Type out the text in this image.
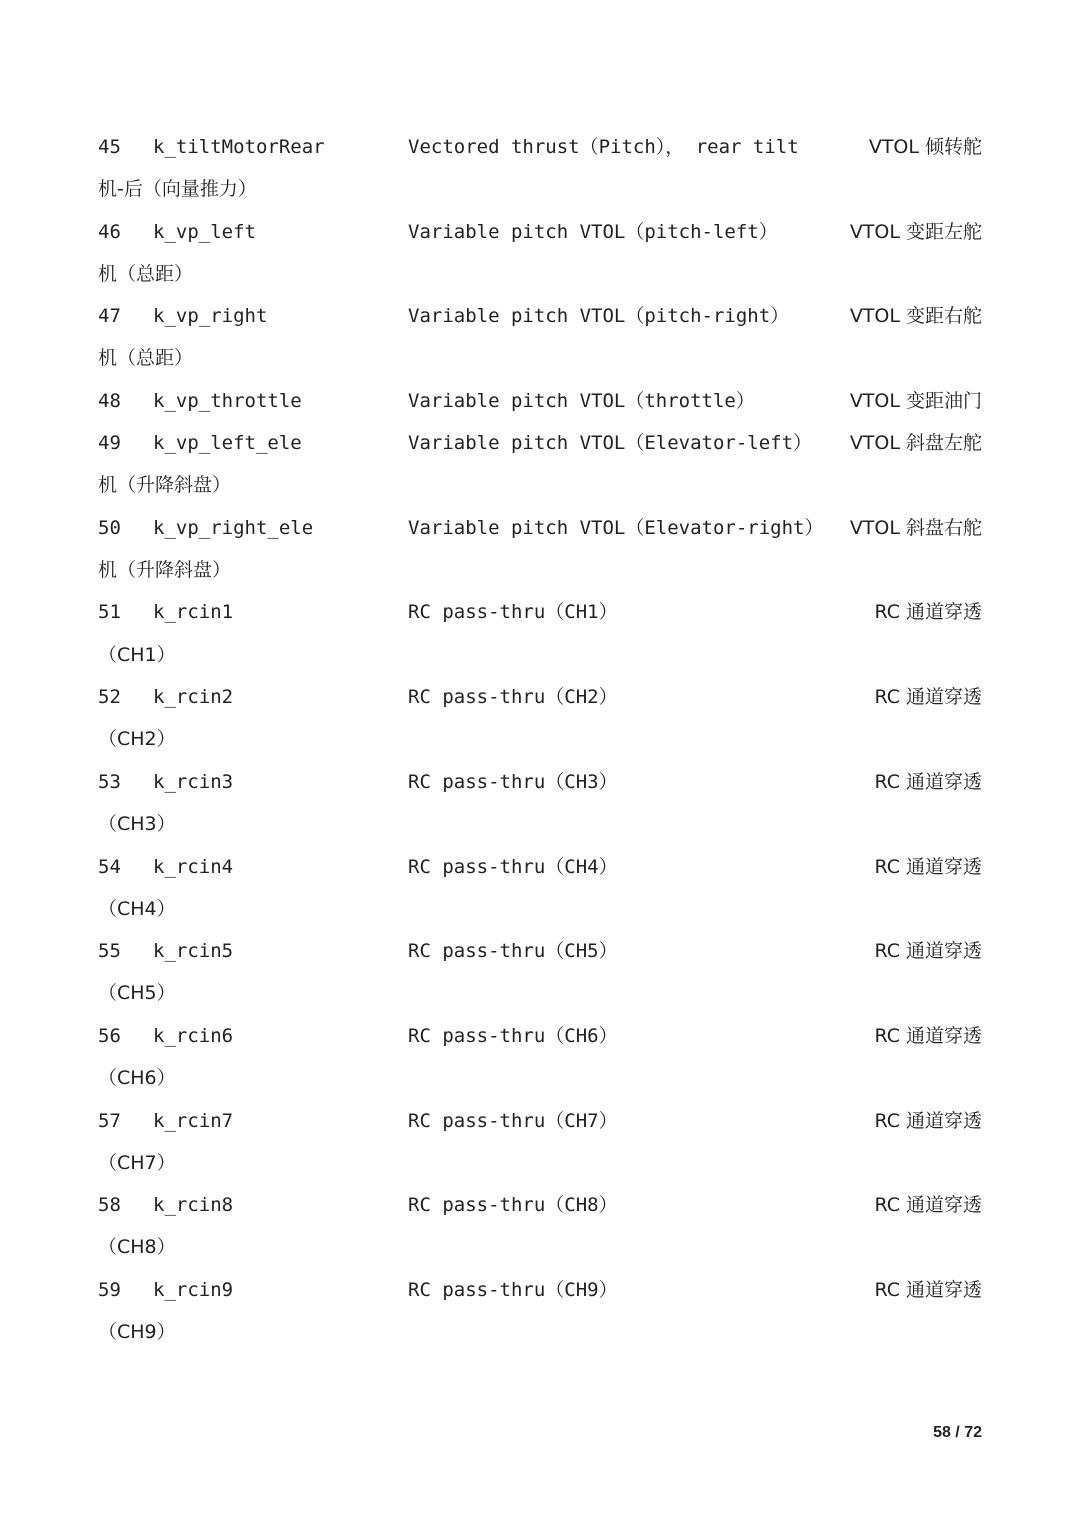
45 k_tiltMotorRear	Vectored thrust（Pitch）， rear tilt	VTOL 倾转舵
机-后（向量推力）
46 k_vp_left	Variable pitch VTOL（pitch-left）	VTOL 变距左舵
机（总距）
47 k_vp_right	Variable pitch VTOL（pitch-right）	VTOL 变距右舵
机（总距）
48 k_vp_throttle	Variable pitch VTOL（throttle）	VTOL 变距油门
49 k_vp_left_ele	Variable pitch VTOL（Elevator-left） VTOL 斜盘左舵
机（升降斜盘）
50 k_vp_right_ele	Variable pitch VTOL（Elevator-right） VTOL 斜盘右舵
机（升降斜盘）
51 k_rcin1	RC pass-thru（CH1）	RC 通道穿透
（CH1）
52 k_rcin2	RC pass-thru（CH2）	RC 通道穿透
（CH2）
53 k_rcin3	RC pass-thru（CH3）	RC 通道穿透
（CH3）
54 k_rcin4	RC pass-thru（CH4）	RC 通道穿透
（CH4）
55 k_rcin5	RC pass-thru（CH5）	RC 通道穿透
（CH5）
56 k_rcin6	RC pass-thru（CH6）	RC 通道穿透
（CH6）
57 k_rcin7	RC pass-thru（CH7）	RC 通道穿透
（CH7）
58 k_rcin8	RC pass-thru（CH8）	RC 通道穿透
（CH8）
59 k_rcin9	RC pass-thru（CH9）	RC 通道穿透
（CH9）
58 / 72
